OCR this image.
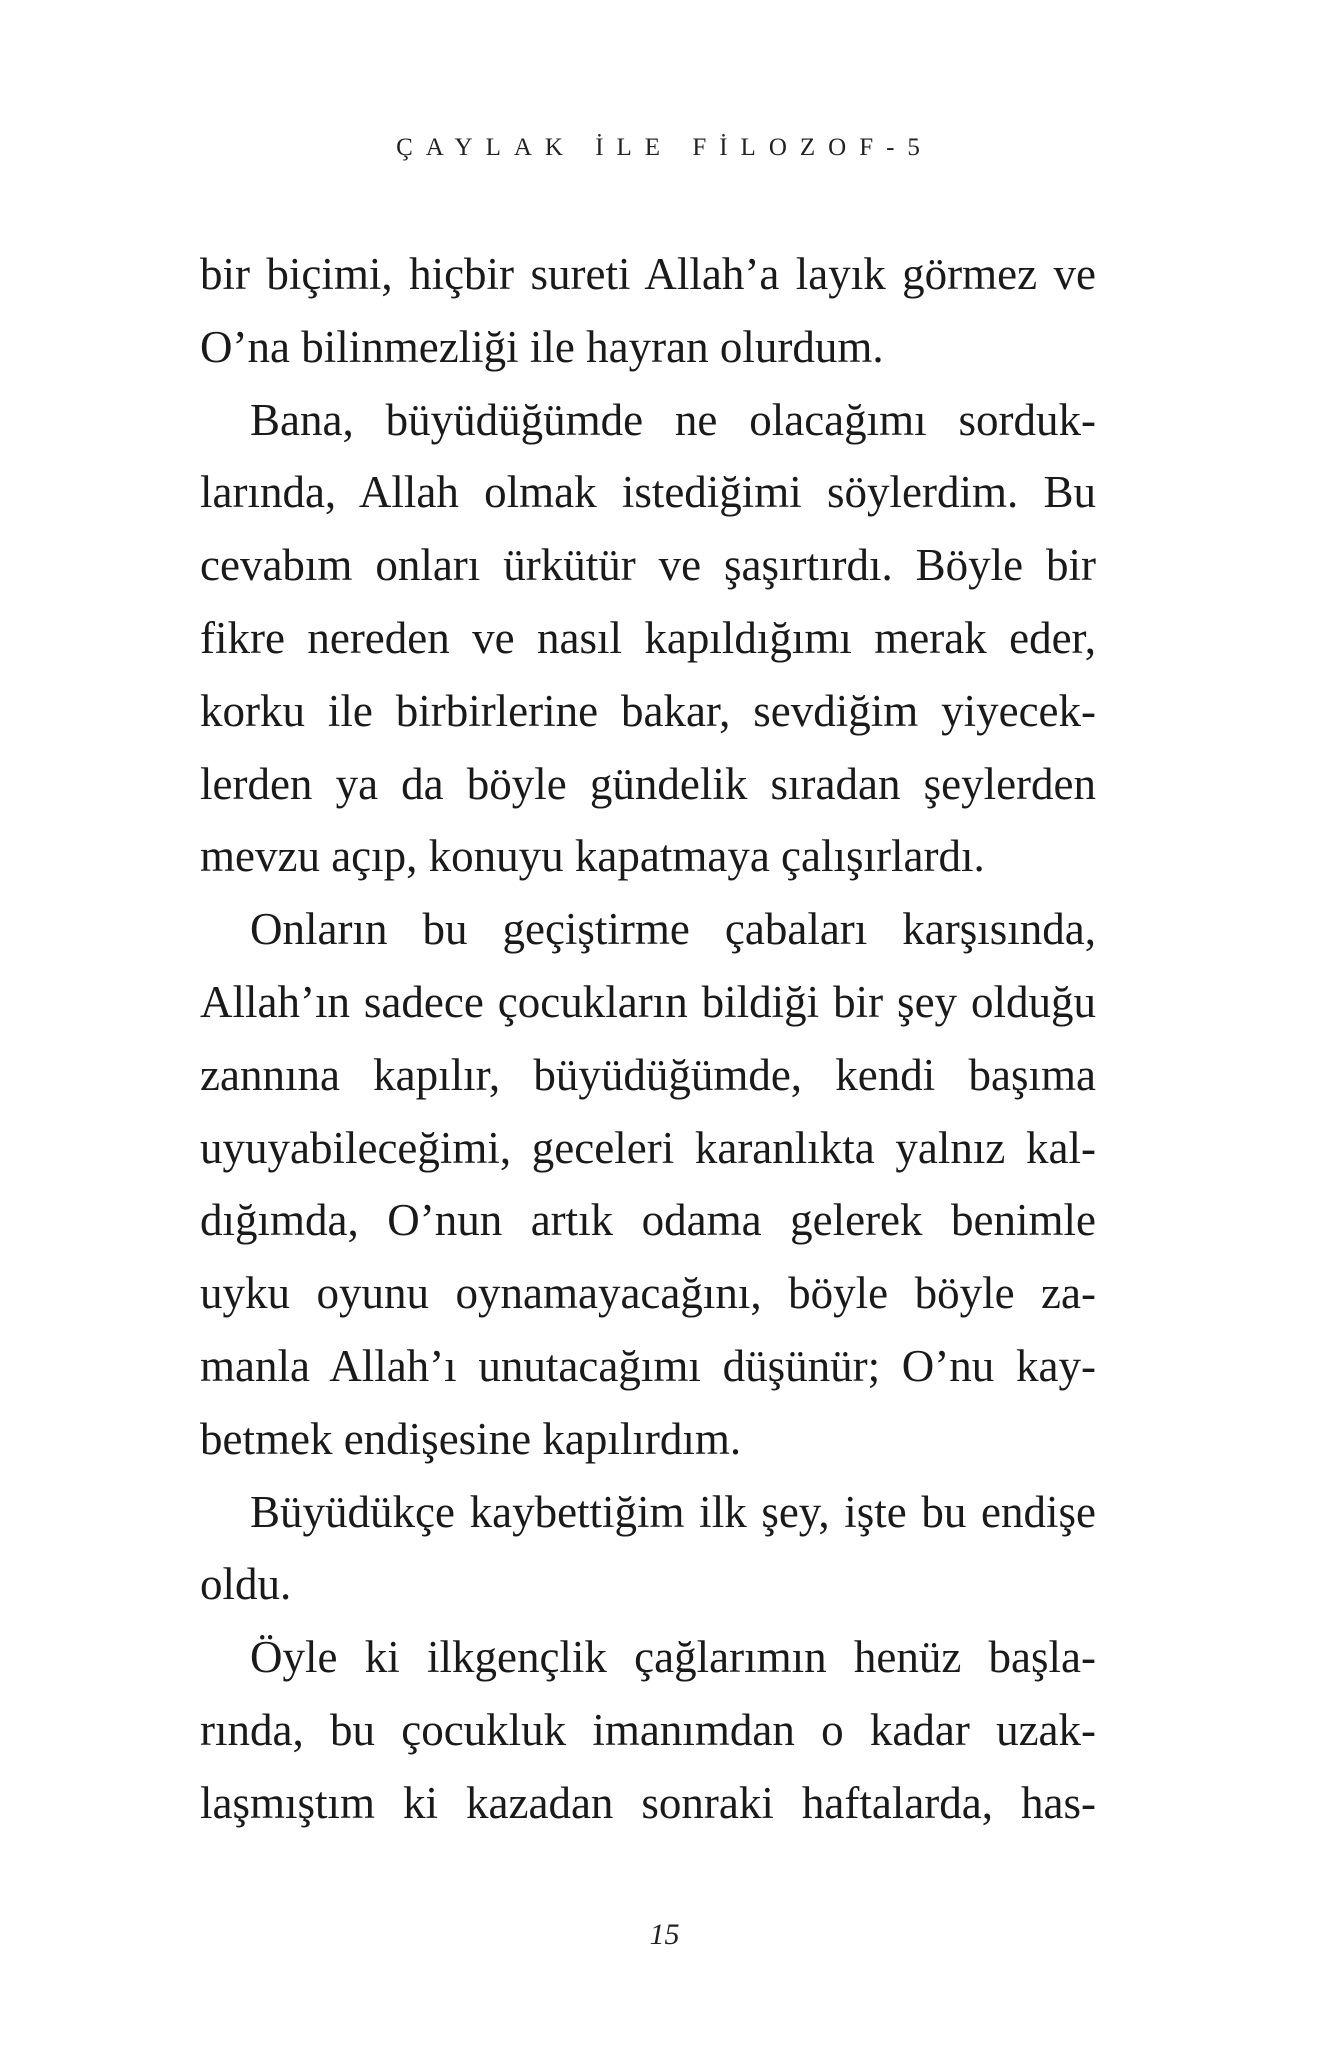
ÇAYLAK İLE FİLOZOF-5
bir biçimi, hiçbir sureti Allah’a layık görmez ve
O’na bilinmezliği ile hayran olurdum.
Bana, büyüdüğümde ne olacağımı sorduk-
larında, Allah olmak istediğimi söylerdim. Bu
cevabım onları ürkütür ve şaşırtırdı. Böyle bir
fikre nereden ve nasıl kapıldığımı merak eder,
korku ile birbirlerine bakar, sevdiğim yiyecek-
lerden ya da böyle gündelik sıradan şeylerden
mevzu açıp, konuyu kapatmaya çalışırlardı.
Onların bu geçiştirme çabaları karşısında,
Allah’ın sadece çocukların bildiği bir şey olduğu
zannına kapılır, büyüdüğümde, kendi başıma
uyuyabileceğimi, geceleri karanlıkta yalnız kal-
dığımda, O’nun artık odama gelerek benimle
uyku oyunu oynamayacağını, böyle böyle za-
manla Allah’ı unutacağımı düşünür; O’nu kay-
betmek endişesine kapılırdım.
Büyüdükçe kaybettiğim ilk şey, işte bu endişe
oldu.
Öyle ki ilkgençlik çağlarımın henüz başla-
rında, bu çocukluk imanımdan o kadar uzak-
laşmıştım ki kazadan sonraki haftalarda, has-
15
